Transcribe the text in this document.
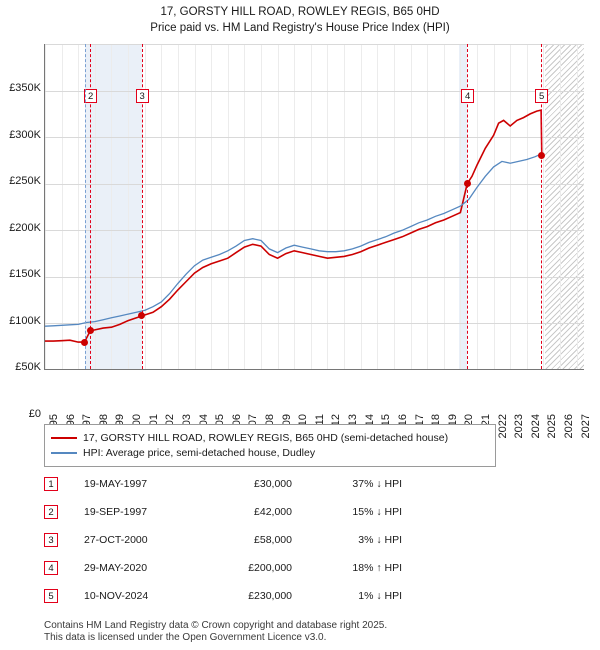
17, GORSTY HILL ROAD, ROWLEY REGIS, B65 0HD
Price paid vs. HM Land Registry's House Price Index (HPI)
£0
£50K
£100K
£150K
£200K
£250K
£300K
£350K
2	3	4	5
2022 2023 2024 2025 2026 2027
17, GORSTY HILL ROAD, ROWLEY REGIS, B65 0HD (semi-detached house)
HPI: Average price, semi-detached house, Dudley
1	19-MAY-1997	£30,000	37% ↓ HPI
2	19-SEP-1997	£42,000	15% ↓ HPI
3	27-OCT-2000	£58,000	3% ↓ HPI
4	29-MAY-2020	£200,000	18% ↑ HPI
5	10-NOV-2024	£230,000	1% ↓ HPI
Contains HM Land Registry data © Crown copyright and database right 2025.
This data is licensed under the Open Government Licence v3.0.
